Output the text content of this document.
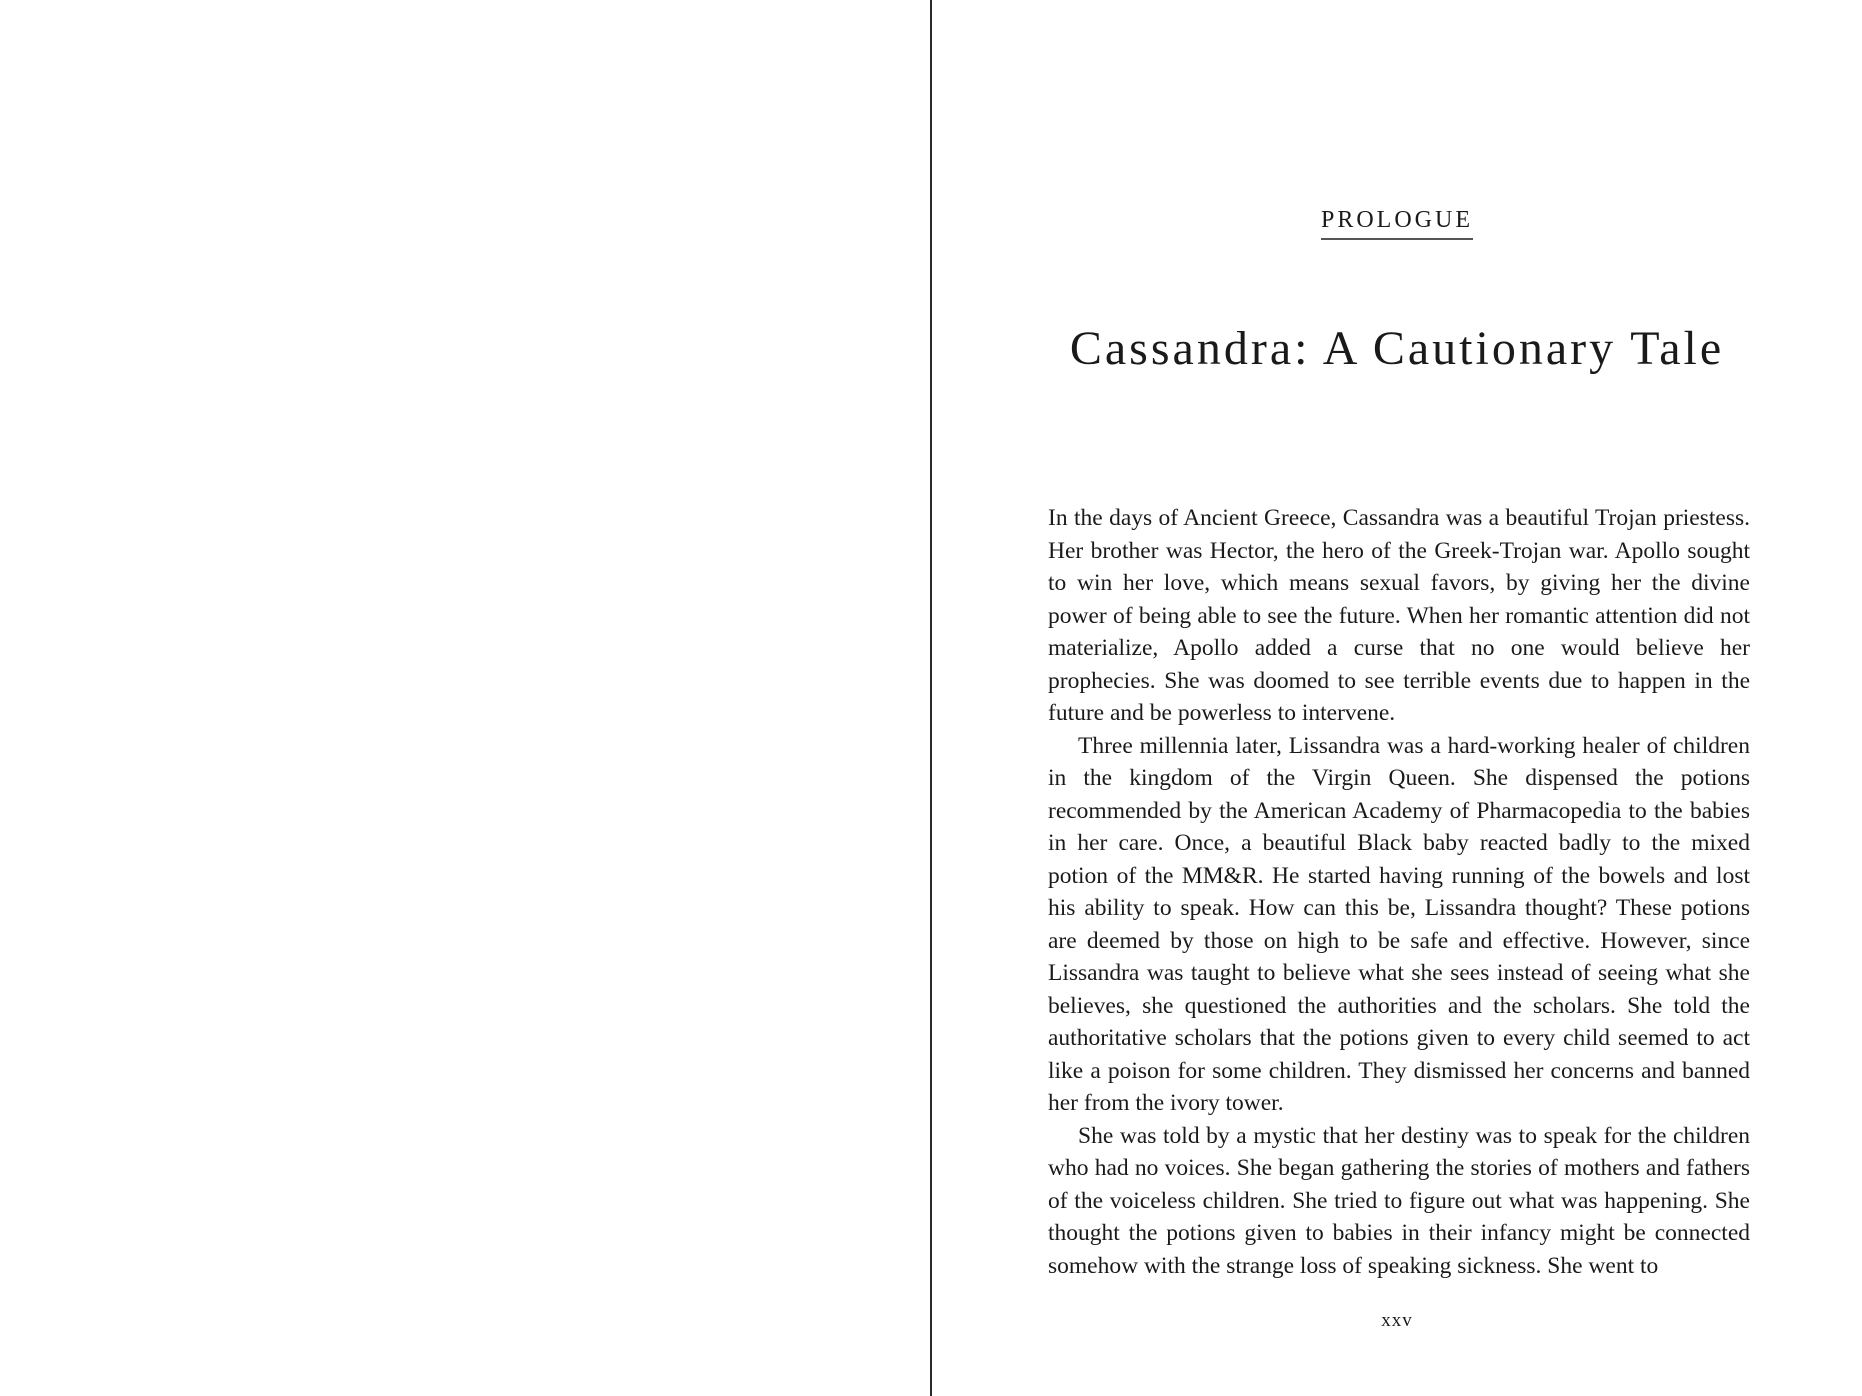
PROLOGUE
Cassandra: A Cautionary Tale

In the days of Ancient Greece, Cassandra was a beautiful Trojan priestess. Her brother was Hector, the hero of the Greek-Trojan war. Apollo sought to win her love, which means sexual favors, by giving her the divine power of being able to see the future. When her romantic attention did not materialize, Apollo added a curse that no one would believe her prophecies. She was doomed to see terrible events due to happen in the future and be powerless to intervene.

Three millennia later, Lissandra was a hard-working healer of children in the kingdom of the Virgin Queen. She dispensed the potions recommended by the American Academy of Pharmacopedia to the babies in her care. Once, a beautiful Black baby reacted badly to the mixed potion of the MM&R. He started having running of the bowels and lost his ability to speak. How can this be, Lissandra thought? These potions are deemed by those on high to be safe and effective. However, since Lissandra was taught to believe what she sees instead of seeing what she believes, she questioned the authorities and the scholars. She told the authoritative scholars that the potions given to every child seemed to act like a poison for some children. They dismissed her concerns and banned her from the ivory tower.

She was told by a mystic that her destiny was to speak for the children who had no voices. She began gathering the stories of mothers and fathers of the voiceless children. She tried to figure out what was happening. She thought the potions given to babies in their infancy might be connected somehow with the strange loss of speaking sickness. She went to

xxv
